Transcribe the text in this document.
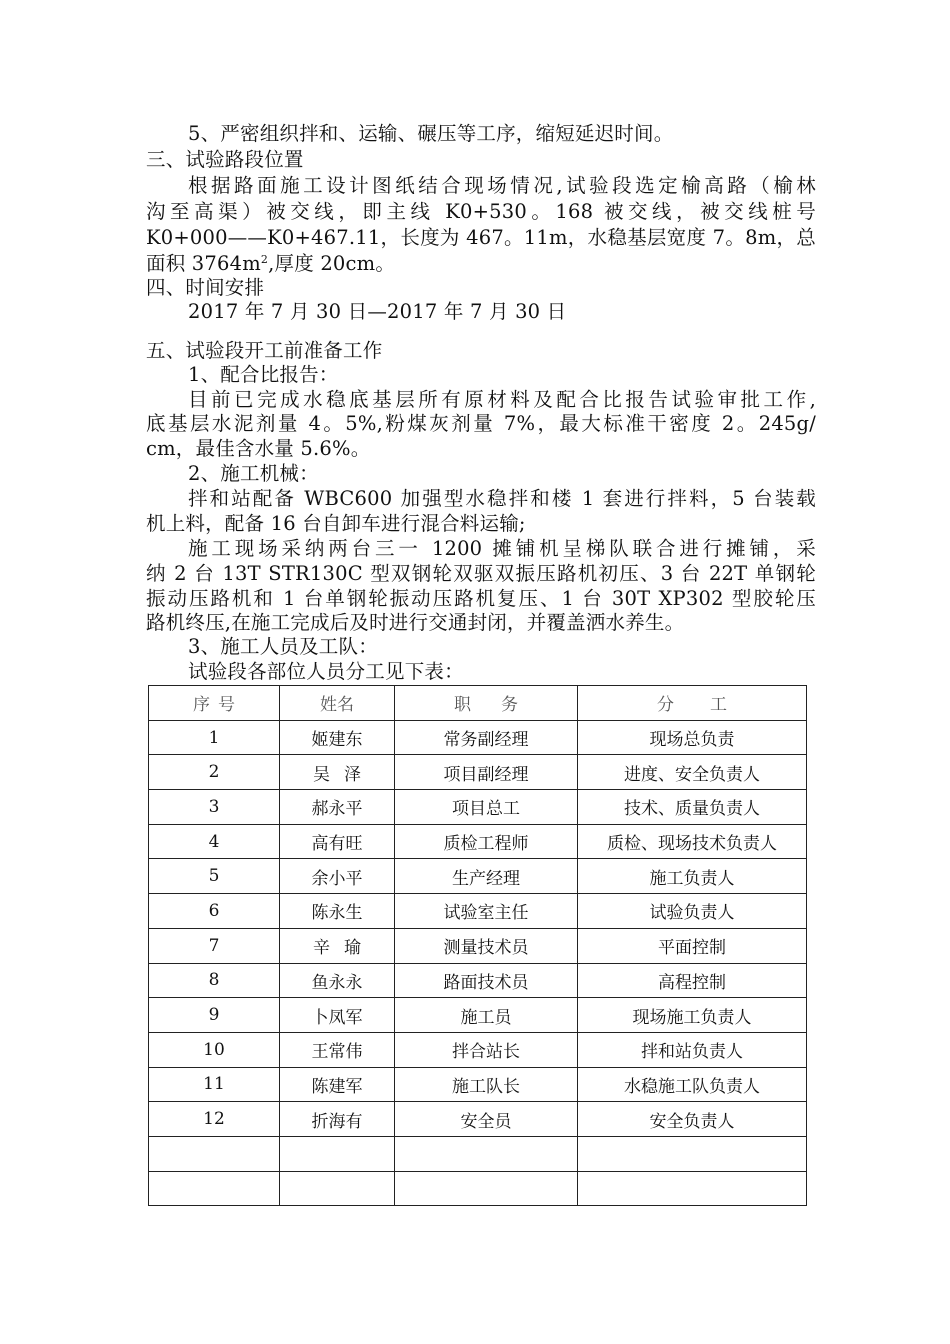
5、严密组织拌和、运输、碾压等工序，缩短延迟时间。
三、试验路段位置
根据路面施工设计图纸结合现场情况,试验段选定榆高路（榆林
沟至高渠）被交线，即主线 K0+530。168 被交线，被交线桩号
K0+000——K0+467.11，长度为 467。11m，水稳基层宽度 7。8m，总
面积 $3764m^2$,厚度 20cm。
四、时间安排
2017 年 7 月 30 日—2017 年 7 月 30 日
五、试验段开工前准备工作
1、配合比报告：
目前已完成水稳底基层所有原材料及配合比报告试验审批工作,
底基层水泥剂量 4。5%,粉煤灰剂量 7%，最大标准干密度 2。245g/
cm，最佳含水量 5.6%。
2、施工机械：
拌和站配备 WBC600 加强型水稳拌和楼 1 套进行拌料，5 台装载
机上料，配备 16 台自卸车进行混合料运输;
施工现场采纳两台三一 1200 摊铺机呈梯队联合进行摊铺，采
纳 2 台 13T STR130C 型双钢轮双驱双振压路机初压、3 台 22T 单钢轮
振动压路机和 1 台单钢轮振动压路机复压、1 台 30T XP302 型胶轮压
路机终压,在施工完成后及时进行交通封闭，并覆盖洒水养生。
3、施工人员及工队：
试验段各部位人员分工见下表：
序号	姓名	职务	分工
1	姬建东	常务副经理	现场总负责
2	吴泽	项目副经理	进度、安全负责人
3	郝永平	项目总工	技术、质量负责人
4	高有旺	质检工程师	质检、现场技术负责人
5	余小平	生产经理	施工负责人
6	陈永生	试验室主任	试验负责人
7	辛瑜	测量技术员	平面控制
8	鱼永永	路面技术员	高程控制
9	卜凤军	施工员	现场施工负责人
10	王常伟	拌合站长	拌和站负责人
11	陈建军	施工队长	水稳施工队负责人
12	折海有	安全员	安全负责人
